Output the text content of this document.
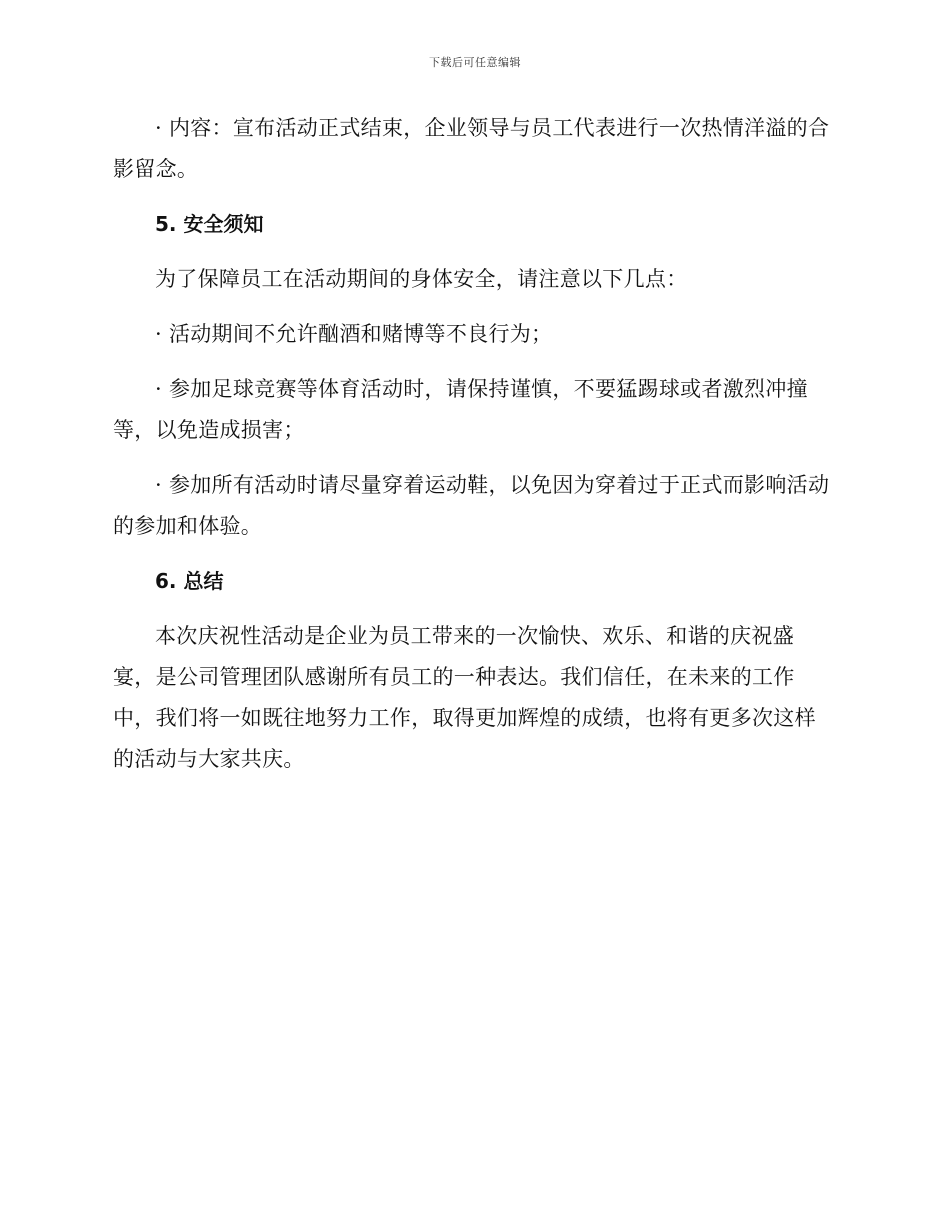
下载后可任意编辑

· 内容：宣布活动正式结束，企业领导与员工代表进行一次热情洋溢的合影留念。

5. 安全须知

为了保障员工在活动期间的身体安全，请注意以下几点：

· 活动期间不允许酗酒和赌博等不良行为；

· 参加足球竞赛等体育活动时，请保持谨慎，不要猛踢球或者激烈冲撞等，以免造成损害；

· 参加所有活动时请尽量穿着运动鞋，以免因为穿着过于正式而影响活动的参加和体验。

6. 总结

本次庆祝性活动是企业为员工带来的一次愉快、欢乐、和谐的庆祝盛宴，是公司管理团队感谢所有员工的一种表达。我们信任，在未来的工作中，我们将一如既往地努力工作，取得更加辉煌的成绩，也将有更多次这样的活动与大家共庆。
